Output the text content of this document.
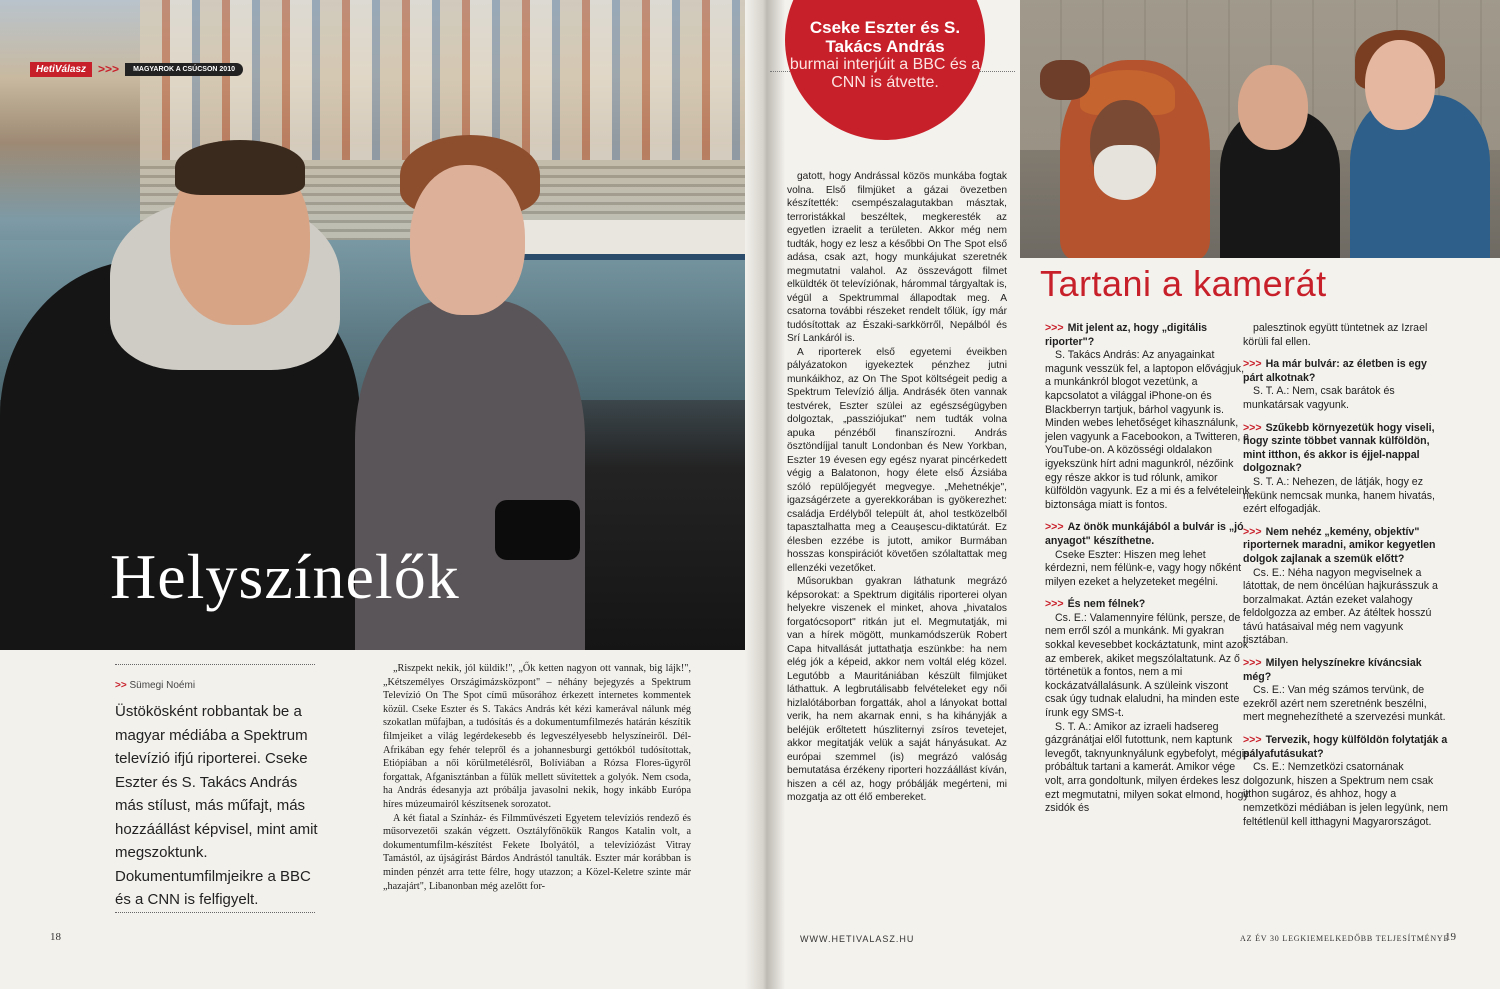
HetiVálasz	>>>	MAGYAROK A CSÚCSON 2010
Helyszínelők
>> Sümegi Noémi
Üstökösként robbantak be a magyar médiába a Spektrum televízió ifjú riporterei. Cseke Eszter és S. Takács András más stílust, más műfajt, más hozzáállást képvisel, mint amit megszoktunk. Dokumentumfilmjeikre a BBC és a CNN is felfigyelt.

„Riszpekt nekik, jól küldik!", „Ők ketten nagyon ott vannak, big lájk!", „Kétszemélyes Országimázsközpont" – néhány bejegyzés a Spektrum Televízió On The Spot című műsorához érkezett internetes kommentek közül. Cseke Eszter és S. Takács András két kézi kamerával nálunk még szokatlan műfajban, a tudósítás és a dokumentumfilmezés határán készítik filmjeiket a világ legérdekesebb és legveszélyesebb helyszíneiről. Dél-Afrikában egy fehér telepről és a johannesburgi gettókból tudósítottak, Etiópiában a női körülmetélésről, Bolíviában a Rózsa Flores-ügyről forgattak, Afganisztánban a fülük mellett süvítettek a golyók. Nem csoda, ha András édesanyja azt próbálja javasolni nekik, hogy inkább Európa híres múzeumairól készítsenek sorozatot.

A két fiatal a Színház- és Filmművészeti Egyetem televíziós rendező és műsorvezetői szakán végzett. Osztályfőnökük Rangos Katalin volt, a dokumentumfilm-készítést Fekete Ibolyától, a televíziózást Vitray Tamástól, az újságírást Bárdos Andrástól tanulták. Eszter már korábban is minden pénzét arra tette félre, hogy utazzon; a Közel-Keletre szinte már „hazajárt", Libanonban még azelőtt for-

18
Cseke Eszter és S. Takács András
burmai interjúit a BBC és a CNN is átvette.

gatott, hogy Andrással közös munkába fogtak volna. Első filmjüket a gázai övezetben készítették: csempészalagutakban másztak, terroristákkal beszéltek, megkeresték az egyetlen izraelit a területen. Akkor még nem tudták, hogy ez lesz a későbbi On The Spot első adása, csak azt, hogy munkájukat szeretnék megmutatni valahol. Az összevágott filmet elküldték öt televíziónak, hárommal tárgyaltak is, végül a Spektrummal állapodtak meg. A csatorna további részeket rendelt tőlük, így már tudósítottak az Északi-sarkkörről, Nepálból és Srí Lankáról is.

A riporterek első egyetemi éveikben pályázatokon igyekeztek pénzhez jutni munkáikhoz, az On The Spot költségeit pedig a Spektrum Televízió állja. Andrásék öten vannak testvérek, Eszter szülei az egészségügyben dolgoztak, „passziójukat" nem tudták volna apuka pénzéből finanszírozni. András ösztöndíjjal tanult Londonban és New Yorkban, Eszter 19 évesen egy egész nyarat pincérkedett végig a Balatonon, hogy élete első Ázsiába szóló repülőjegyét megvegye. „Mehetnékje", igazságérzete a gyerekkorában is gyökerezhet: családja Erdélyből települt át, ahol testközelből tapasztalhatta meg a Ceaușescu-diktatúrát. Ez élesben ezzébe is jutott, amikor Burmában hosszas konspirációt követően szólaltattak meg ellenzéki vezetőket.

Műsorukban gyakran láthatunk megrázó képsorokat: a Spektrum digitális riporterei olyan helyekre viszenek el minket, ahova „hivatalos forgatócsoport" ritkán jut el. Megmutatják, mi van a hírek mögött, munkamódszerük Robert Capa hitvallását juttathatja eszünkbe: ha nem elég jók a képeid, akkor nem voltál elég közel. Legutóbb a Mauritániában készült filmjüket láthattuk. A legbrutálisabb felvételeket egy női hizlalótáborban forgatták, ahol a lányokat bottal verik, ha nem akarnak enni, s ha kihányják a beléjük erőltetett húszliternyi zsíros tevetejet, akkor megitatják velük a saját hányásukat. Az európai szemmel (is) megrázó valóság bemutatása érzékeny riporteri hozzáállást kíván, hiszen a cél az, hogy próbálják megérteni, mi mozgatja az ott élő embereket.

WWW.HETIVALASZ.HU
Tartani a kamerát
>>> Mit jelent az, hogy „digitális riporter"?
S. Takács András: Az anyagainkat magunk vesszük fel, a laptopon elővágjuk, a munkánkról blogot vezetünk, a kapcsolatot a világgal iPhone-on és Blackberryn tartjuk, bárhol vagyunk is. Minden webes lehetőséget kihasználunk, jelen vagyunk a Facebookon, a Twitteren, a YouTube-on. A közösségi oldalakon igyekszünk hírt adni magunkról, nézőink egy része akkor is tud rólunk, amikor külföldön vagyunk. Ez a mi és a felvételeink biztonsága miatt is fontos.
>>> Az önök munkájából a bulvár is „jó anyagot" készíthetne.
Cseke Eszter: Hiszen meg lehet kérdezni, nem félünk-e, vagy hogy nőként milyen ezeket a helyzeteket megélni.
>>> És nem félnek?
Cs. E.: Valamennyire félünk, persze, de nem erről szól a munkánk. Mi gyakran sokkal kevesebbet kockáztatunk, mint azok az emberek, akiket megszólaltatunk. Az ő történetük a fontos, nem a mi kockázatvállalásunk. A szüleink viszont csak úgy tudnak elaludni, ha minden este írunk egy SMS-t.
S. T. A.: Amikor az izraeli hadsereg gázgránátjai elől futottunk, nem kaptunk levegőt, taknyunknyálunk egybefolyt, mégis próbáltuk tartani a kamerát. Amikor vége volt, arra gondoltunk, milyen érdekes lesz ezt megmutatni, milyen sokat elmond, hogy zsidók és
palesztinok együtt tüntetnek az Izrael körüli fal ellen.
>>> Ha már bulvár: az életben is egy párt alkotnak?
S. T. A.: Nem, csak barátok és munkatársak vagyunk.
>>> Szűkebb környezetük hogy viseli, hogy szinte többet vannak külföldön, mint itthon, és akkor is éjjel-nappal dolgoznak?
S. T. A.: Nehezen, de látják, hogy ez nekünk nemcsak munka, hanem hivatás, ezért elfogadják.
>>> Nem nehéz „kemény, objektív" riporternek maradni, amikor kegyetlen dolgok zajlanak a szemük előtt?
Cs. E.: Néha nagyon megviselnek a látottak, de nem öncélúan hajkurásszuk a borzalmakat. Aztán ezeket valahogy feldolgozza az ember. Az átéltek hosszú távú hatásaival még nem vagyunk tisztában.
>>> Milyen helyszínekre kíváncsiak még?
Cs. E.: Van még számos tervünk, de ezekről azért nem szeretnénk beszélni, mert megnehezítheté a szervezési munkát.
>>> Tervezik, hogy külföldön folytatják a pályafutásukat?
Cs. E.: Nemzetközi csatornának dolgozunk, hiszen a Spektrum nem csak itthon sugároz, és ahhoz, hogy a nemzetközi médiában is jelen legyünk, nem feltétlenül kell itthagyni Magyarországot.
AZ ÉV 30 LEGKIEMELKEDŐBB TELJESÍTMÉNYE
19
